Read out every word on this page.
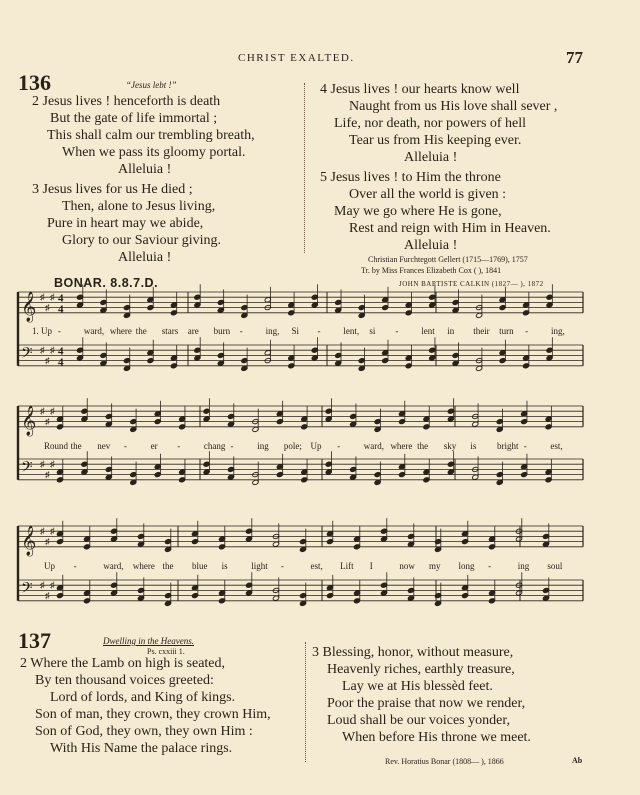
CHRIST EXALTED.	77
136	“Jesus lebt !”
2 Jesus lives ! henceforth is death
But the gate of life immortal ;
This shall calm our trembling breath,
When we pass its gloomy portal.
Alleluia !
3 Jesus lives for us He died ;
Then, alone to Jesus living,
Pure in heart may we abide,
Glory to our Saviour giving.
Alleluia !
4 Jesus lives ! our hearts know well
Naught from us His love shall sever ,
Life, nor death, nor powers of hell
Tear us from His keeping ever.
Alleluia !
5 Jesus lives ! to Him the throne
Over all the world is given :
May we go where He is gone,
Rest and reign with Him in Heaven.
Alleluia !
Christian Furchtegott Gellert (1715—1769), 1757
Tr. by Miss Frances Elizabeth Cox ( ), 1841
BONAR. 8.8.7.D.	JOHN BAPTISTE CALKIN (1827— ), 1872
𝄞 ♯
♯
♯ 4
4
𝄢 ♯
♯
♯ 4
4
𝄞 ♯
♯
♯
𝄢 ♯
♯
♯
𝄞 ♯
♯
♯
𝄢 ♯
♯
♯
1. Up -	ward, where the stars are burn -	ing, Si -	lent, si -	lent in their turn -	ing,
Round the nev -	er -	chang -	ing pole; Up -	ward, where the sky is bright -	est,
Up -	ward, where the blue is	light -	est, Lift I	now my long -	ing soul
137	Dwelling in the Heavens.
Ps. cxxiii 1.
2 Where the Lamb on high is seated,
By ten thousand voices greeted:
Lord of lords, and King of kings.
Son of man, they crown, they crown Him,
Son of God, they own, they own Him :
With His Name the palace rings.
3 Blessing, honor, without measure,
Heavenly riches, earthly treasure,
Lay we at His blessèd feet.
Poor the praise that now we render,
Loud shall be our voices yonder,
When before His throne we meet.
Rev. Horatius Bonar (1808— ), 1866	Ab
